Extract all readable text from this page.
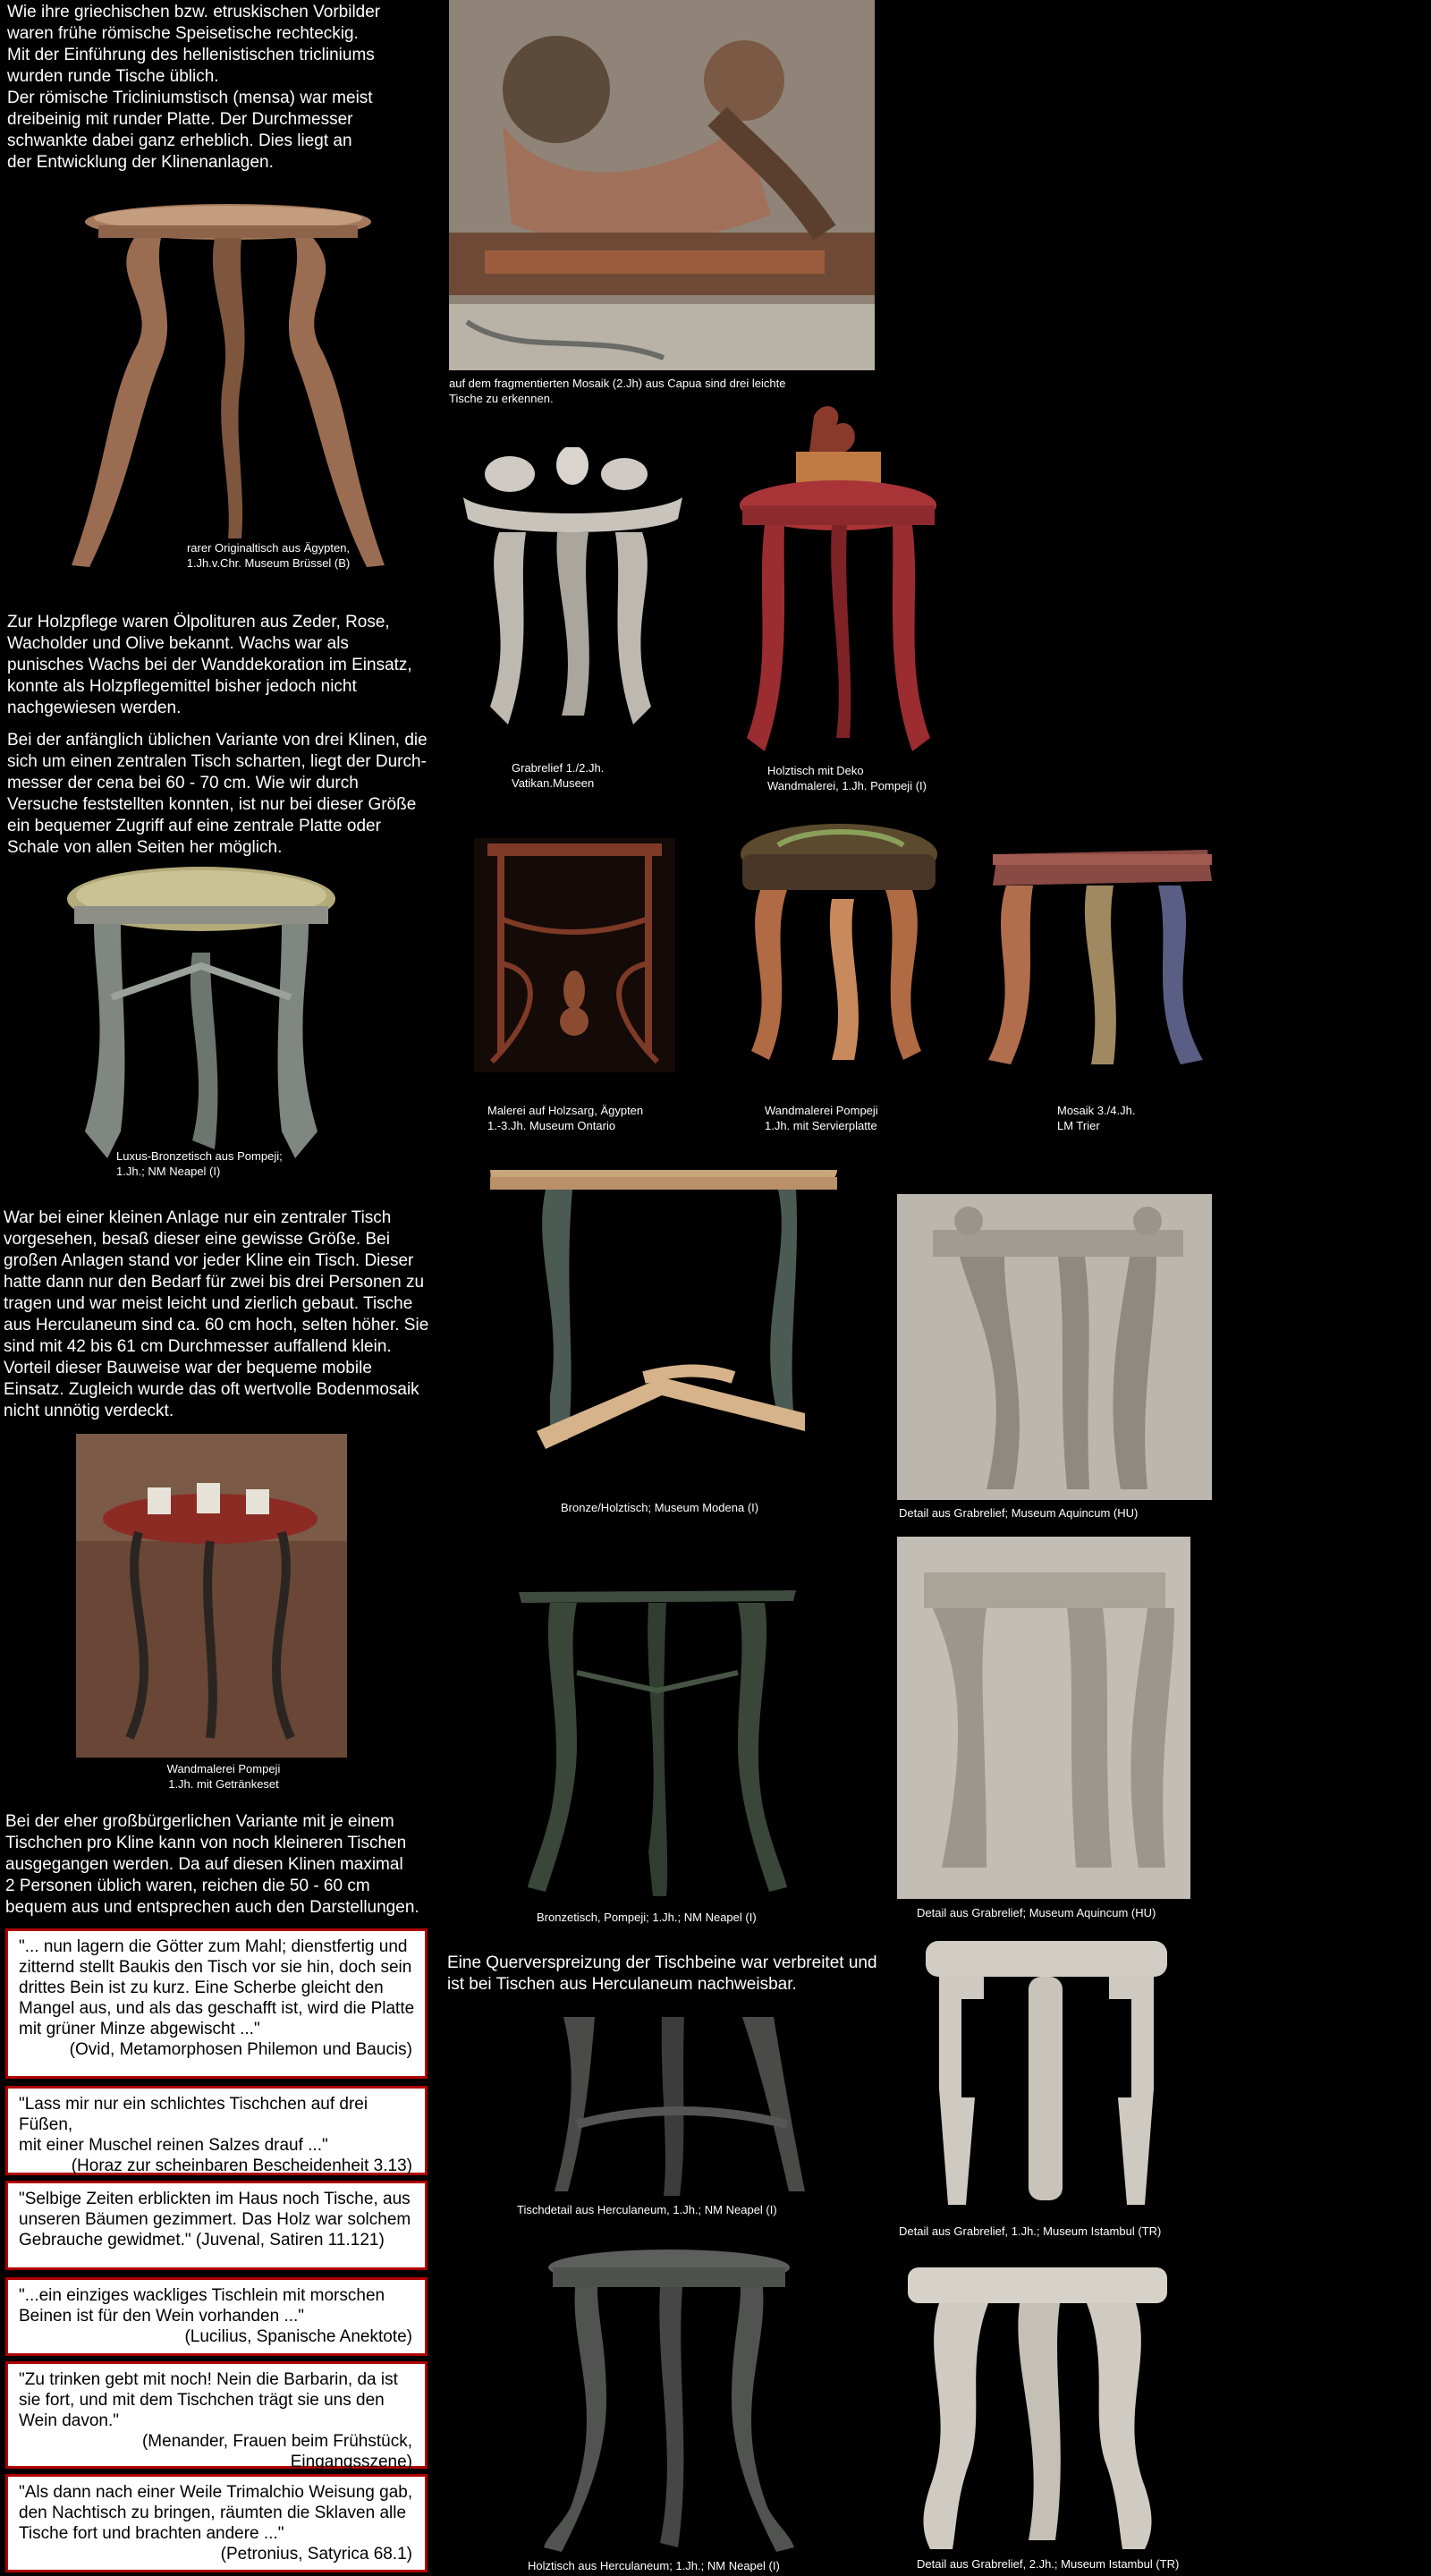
Wie ihre griechischen bzw. etruskischen Vorbilder
waren frühe römische Speisetische rechteckig.
Mit der Einführung des hellenistischen tricliniums
wurden runde Tische üblich.
Der römische Tricliniumstisch (mensa) war meist
dreibeinig mit runder Platte. Der Durchmesser
schwankte dabei ganz erheblich. Dies liegt an
der Entwicklung der Klinenanlagen.
rarer Originaltisch aus Ägypten,
1.Jh.v.Chr. Museum Brüssel (B)
Zur Holzpflege waren Ölpolituren aus Zeder, Rose,
Wacholder und Olive bekannt. Wachs war als
punisches Wachs bei der Wanddekoration im Einsatz,
konnte als Holzpflegemittel bisher jedoch nicht
nachgewiesen werden.
Bei der anfänglich üblichen Variante von drei Klinen, die
sich um einen zentralen Tisch scharten, liegt der Durch-
messer der cena bei 60 - 70 cm. Wie wir durch
Versuche feststellten konnten, ist nur bei dieser Größe
ein bequemer Zugriff auf eine zentrale Platte oder
Schale von allen Seiten her möglich.
Luxus-Bronzetisch aus Pompeji;
1.Jh.; NM Neapel (I)
War bei einer kleinen Anlage nur ein zentraler Tisch
vorgesehen, besaß dieser eine gewisse Größe. Bei
großen Anlagen stand vor jeder Kline ein Tisch. Dieser
hatte dann nur den Bedarf für zwei bis drei Personen zu
tragen und war meist leicht und zierlich gebaut. Tische
aus Herculaneum sind ca. 60 cm hoch, selten höher. Sie
sind mit 42 bis 61 cm Durchmesser auffallend klein.
Vorteil dieser Bauweise war der bequeme mobile
Einsatz. Zugleich wurde das oft wertvolle Bodenmosaik
nicht unnötig verdeckt.
Wandmalerei Pompeji
1.Jh. mit Getränkeset
Bei der eher großbürgerlichen Variante mit je einem
Tischchen pro Kline kann von noch kleineren Tischen
ausgegangen werden. Da auf diesen Klinen maximal
2 Personen üblich waren, reichen die 50 - 60 cm
bequem aus und entsprechen auch den Darstellungen.
"... nun lagern die Götter zum Mahl; dienstfertig und
zitternd stellt Baukis den Tisch vor sie hin, doch sein
drittes Bein ist zu kurz. Eine Scherbe gleicht den
Mangel aus, und als das geschafft ist, wird die Platte
mit grüner Minze abgewischt ..."
(Ovid, Metamorphosen Philemon und Baucis)
"Lass mir nur ein schlichtes Tischchen auf drei Füßen,
mit einer Muschel reinen Salzes drauf ..."
(Horaz zur scheinbaren Bescheidenheit 3.13)
"Selbige Zeiten erblickten im Haus noch Tische, aus
unseren Bäumen gezimmert. Das Holz war solchem
Gebrauche gewidmet." (Juvenal, Satiren 11.121)
"...ein einziges wackliges Tischlein mit morschen
Beinen ist für den Wein vorhanden ..."
(Lucilius, Spanische Anektote)
"Zu trinken gebt mit noch! Nein die Barbarin, da ist
sie fort, und mit dem Tischchen trägt sie uns den
Wein davon."
(Menander, Frauen beim Frühstück, Eingangsszene)
"Als dann nach einer Weile Trimalchio Weisung gab,
den Nachtisch zu bringen, räumten die Sklaven alle
Tische fort und brachten andere ..."
(Petronius, Satyrica 68.1)
auf dem fragmentierten Mosaik (2.Jh) aus Capua sind drei leichte
Tische zu erkennen.
Grabrelief 1./2.Jh.
Vatikan.Museen
Holztisch mit Deko
Wandmalerei, 1.Jh. Pompeji (I)
Malerei auf Holzsarg, Ägypten
1.-3.Jh. Museum Ontario
Wandmalerei Pompeji
1.Jh. mit Servierplatte
Mosaik 3./4.Jh.
LM Trier
Bronze/Holztisch; Museum Modena (I)	Detail aus Grabrelief; Museum Aquincum (HU)
Bronzetisch, Pompeji; 1.Jh.; NM Neapel (I)	Detail aus Grabrelief; Museum Aquincum (HU)
Eine Querverspreizung der Tischbeine war verbreitet und
ist bei Tischen aus Herculaneum nachweisbar.
Tischdetail aus Herculaneum, 1.Jh.; NM Neapel (I)
Detail aus Grabrelief, 1.Jh.; Museum Istambul (TR)
Holztisch aus Herculaneum; 1.Jh.; NM Neapel (I)	Detail aus Grabrelief, 2.Jh.; Museum Istambul (TR)
